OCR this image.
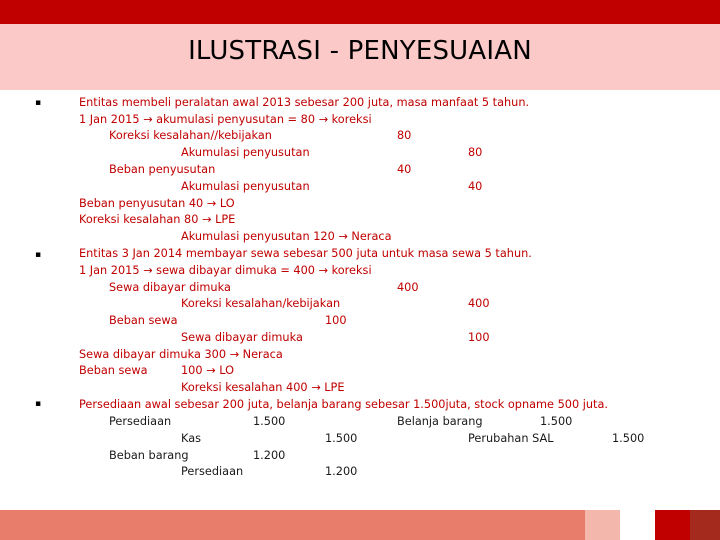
ILUSTRASI - PENYESUAIAN
▪
▪
▪
Entitas membeli peralatan awal 2013 sebesar 200 juta, masa manfaat 5 tahun.
1 Jan 2015 → akumulasi penyusutan = 80 → koreksi
Koreksi kesalahan//kebijakan	80
Akumulasi penyusutan	80
Beban penyusutan	40
Akumulasi penyusutan	40
Beban penyusutan 40 → LO
Koreksi kesalahan 80 → LPE
Akumulasi penyusutan 120 → Neraca
Entitas 3 Jan 2014 membayar sewa sebesar 500 juta untuk masa sewa 5 tahun.
1 Jan 2015 → sewa dibayar dimuka = 400 → koreksi
Sewa dibayar dimuka	400
Koreksi kesalahan/kebijakan	400
Beban sewa	100
Sewa dibayar dimuka	100
Sewa dibayar dimuka 300 → Neraca
Beban sewa	100 → LO
Koreksi kesalahan 400 → LPE
Persediaan awal sebesar 200 juta, belanja barang sebesar 1.500juta, stock opname 500 juta.
Persediaan	1.500	Belanja barang	1.500
Kas	1.500	Perubahan SAL	1.500
Beban barang	1.200
Persediaan	1.200
